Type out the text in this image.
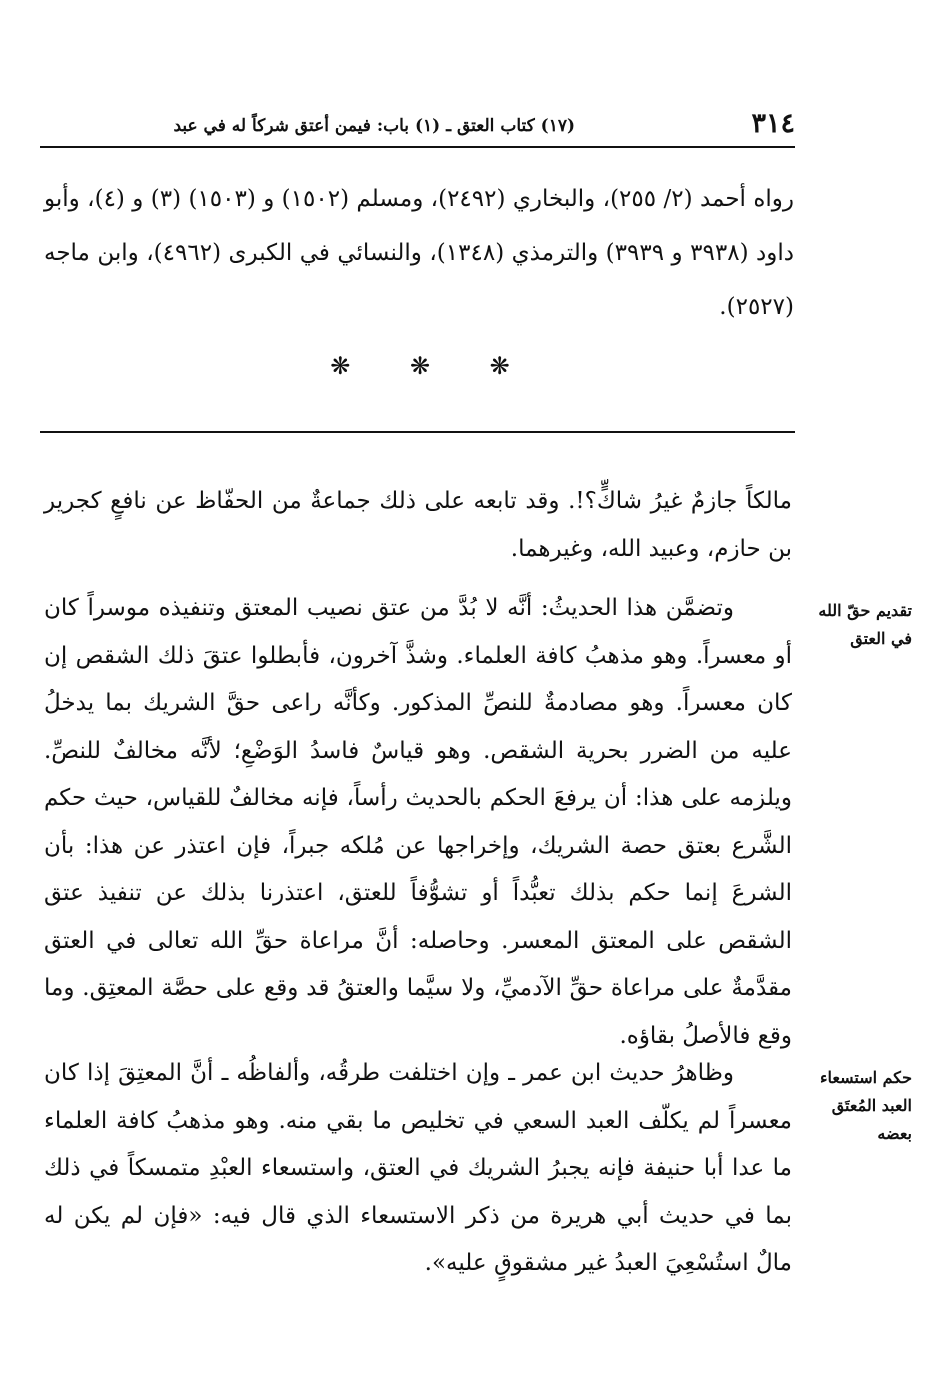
٣١٤
(١٧) كتاب العتق ـ (١) باب: فيمن أعتق شركاً له في عبد
رواه أحمد (٢/ ٢٥٥)، والبخاري (٢٤٩٢)، ومسلم (١٥٠٢) و (١٥٠٣) (٣) و (٤)، وأبو داود (٣٩٣٨ و ٣٩٣٩) والترمذي (١٣٤٨)، والنسائي في الكبرى (٤٩٦٢)، وابن ماجه (٢٥٢٧).
❋ ❋ ❋
مالكاً جازمٌ غيرُ شاكٍّ؟!. وقد تابعه على ذلك جماعةٌ من الحفّاظ عن نافعٍ كجرير بن حازم، وعبيد الله، وغيرهما.
تقديم حقّ الله في العتق
وتضمَّن هذا الحديثُ: أنَّه لا بُدَّ من عتق نصيب المعتق وتنفيذه موسراً كان أو معسراً. وهو مذهبُ كافة العلماء. وشذَّ آخرون، فأبطلوا عتقَ ذلك الشقص إن كان معسراً. وهو مصادمةٌ للنصِّ المذكور. وكأنَّه راعى حقَّ الشريك بما يدخلُ عليه من الضرر بحرية الشقص. وهو قياسٌ فاسدُ الوَضْعِ؛ لأنَّه مخالفٌ للنصِّ. ويلزمه على هذا: أن يرفعَ الحكم بالحديث رأساً، فإنه مخالفٌ للقياس، حيث حكم الشَّرع بعتق حصة الشريك، وإخراجها عن مُلكه جبراً، فإن اعتذر عن هذا: بأن الشرعَ إنما حكم بذلك تعبُّداً أو تشوُّفاً للعتق، اعتذرنا بذلك عن تنفيذ عتق الشقص على المعتق المعسر. وحاصله: أنَّ مراعاة حقِّ الله تعالى في العتق مقدَّمةٌ على مراعاة حقِّ الآدميِّ، ولا سيَّما والعتقُ قد وقع على حصَّة المعتِق. وما وقع فالأصلُ بقاؤه.
حكم استسعاء العبد المُعتَق بعضه
وظاهرُ حديث ابن عمر ـ وإن اختلفت طرقُه، وألفاظُه ـ أنَّ المعتِقَ إذا كان معسراً لم يكلّف العبد السعي في تخليص ما بقي منه. وهو مذهبُ كافة العلماء ما عدا أبا حنيفة فإنه يجبرُ الشريك في العتق، واستسعاء العبْدِ متمسكاً في ذلك بما في حديث أبي هريرة من ذكر الاستسعاء الذي قال فيه: «فإن لم يكن له مالٌ استُسْعِيَ العبدُ غير مشقوقٍ عليه».
